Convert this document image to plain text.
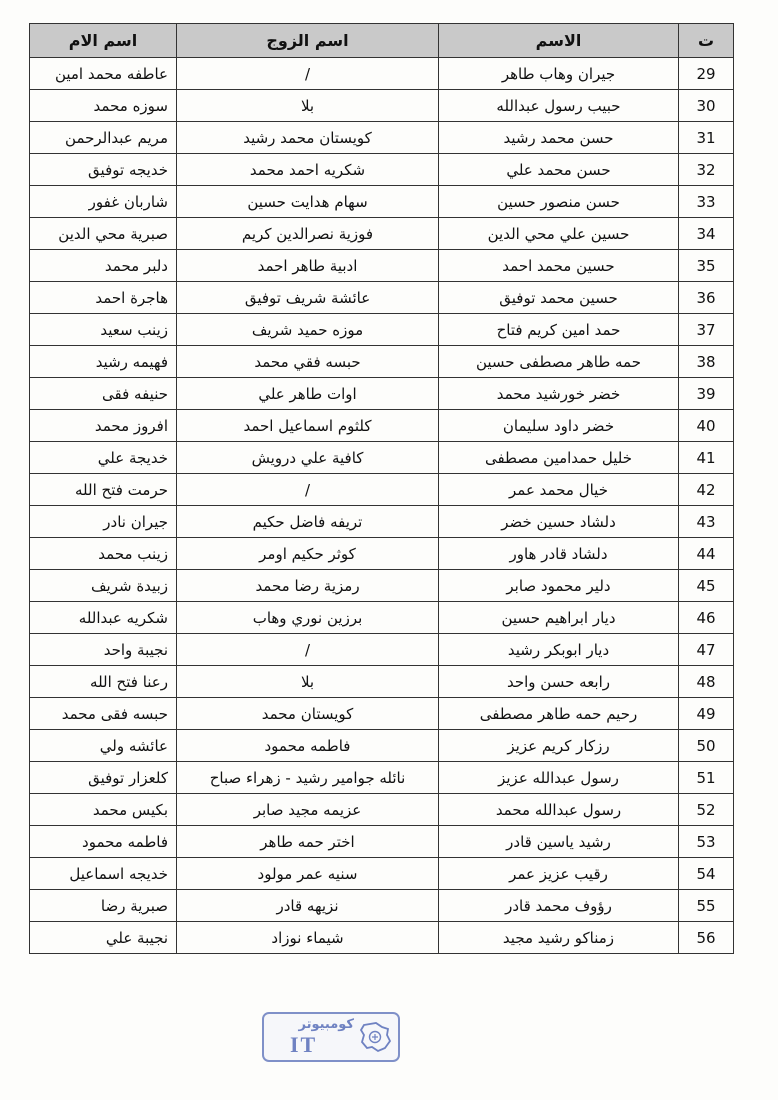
ت	الاسم	اسم الزوج	اسم الام
29	جيران وهاب طاهر	/	عاطفه محمد امين
30	حبيب رسول عبدالله	بلا	سوزه محمد
31	حسن محمد رشيد	كويستان محمد رشيد	مريم عبدالرحمن
32	حسن محمد علي	شكريه احمد محمد	خديجه توفيق
33	حسن منصور حسين	سهام هدايت حسين	شاربان غفور
34	حسين علي محي الدين	فوزية نصرالدين كريم	صبرية محي الدين
35	حسين محمد احمد	ادبية طاهر احمد	دلبر محمد
36	حسين محمد توفيق	عائشة شريف توفيق	هاجرة احمد
37	حمد امين كريم فتاح	موزه حميد شريف	زينب سعيد
38	حمه طاهر مصطفى حسين	حبسه فقي محمد	فهيمه رشيد
39	خضر خورشيد محمد	اوات طاهر علي	حنيفه فقى
40	خضر داود سليمان	كلثوم اسماعيل احمد	افروز محمد
41	خليل حمدامين مصطفى	كافية علي درويش	خديجة علي
42	خيال محمد عمر	/	حرمت فتح الله
43	دلشاد حسين خضر	تريفه فاضل حكيم	جيران نادر
44	دلشاد قادر هاور	كوثر حكيم اومر	زينب محمد
45	دلير محمود صابر	رمزية رضا محمد	زبيدة شريف
46	ديار ابراهيم حسين	برزين نوري وهاب	شكريه عبدالله
47	ديار ابوبكر رشيد	/	نجيبة واحد
48	رابعه حسن واحد	بلا	رعنا فتح الله
49	رحيم حمه طاهر مصطفى	كويستان محمد	حبسه فقى محمد
50	رزكار كريم عزيز	فاطمه محمود	عائشه ولي
51	رسول عبدالله عزيز	نائله جوامير رشيد - زهراء صباح	كلعزار توفيق
52	رسول عبدالله محمد	عزيمه مجيد صابر	بكيس محمد
53	رشيد ياسين قادر	اختر حمه طاهر	فاطمه محمود
54	رقيب عزيز عمر	سنيه عمر مولود	خديجه اسماعيل
55	رؤوف محمد قادر	نزيهه قادر	صبرية رضا
56	زمناكو رشيد مجيد	شيماء نوزاد	نجيبة علي
كومبيوتر
IT
